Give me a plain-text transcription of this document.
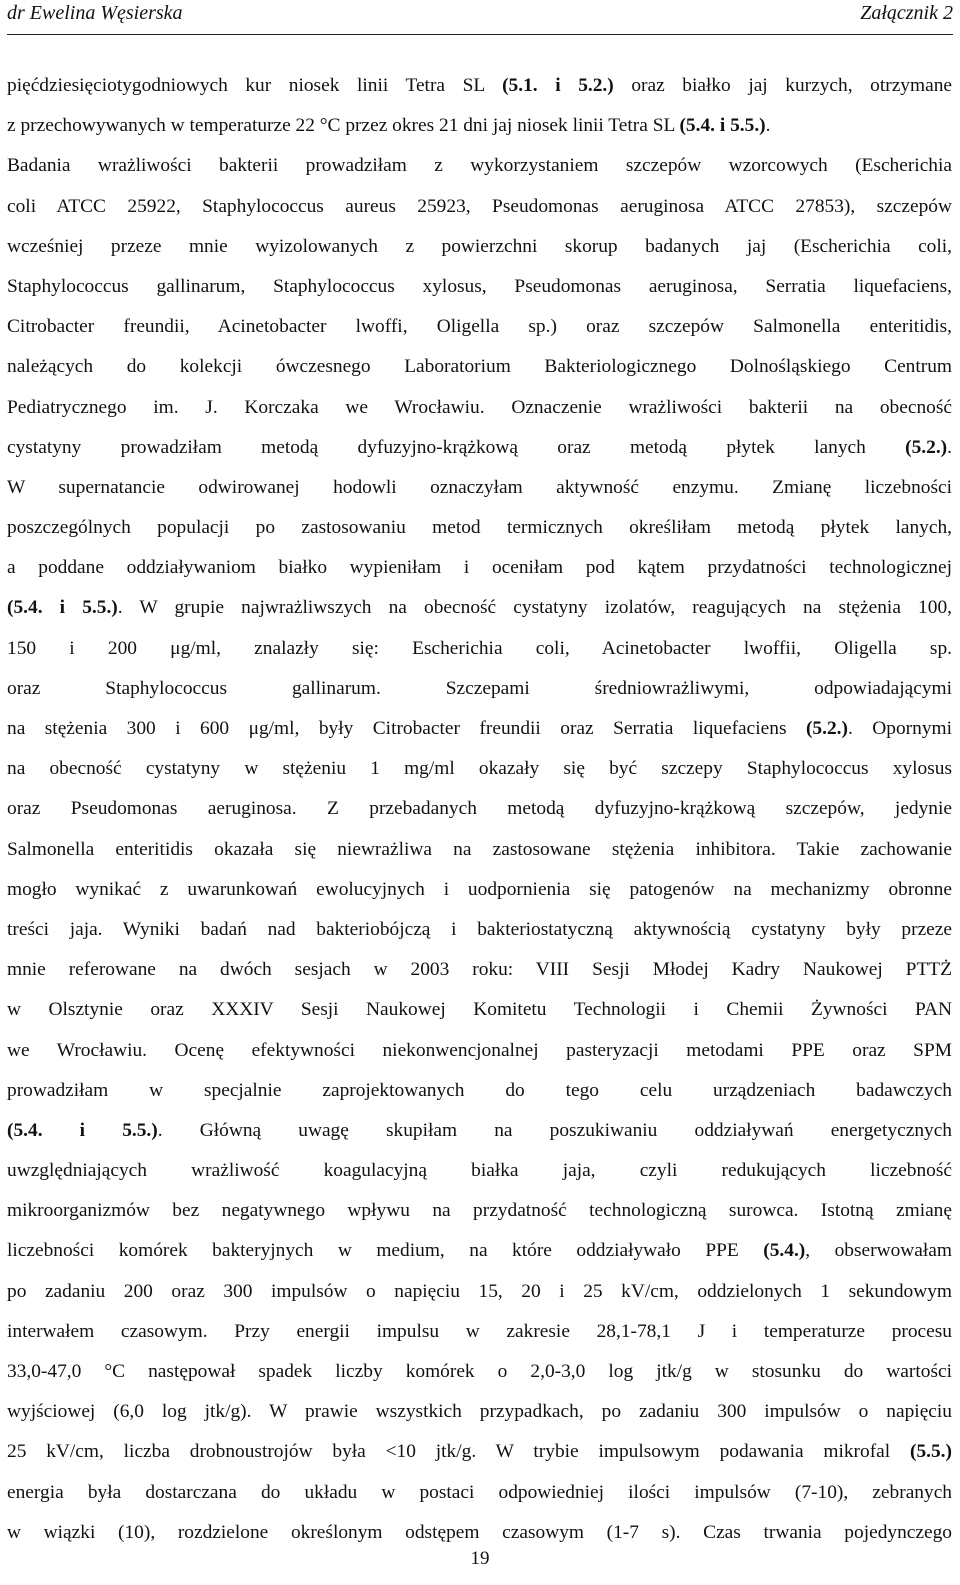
dr Ewelina Węsierska	Załącznik 2
pięćdziesięciotygodniowych kur niosek linii Tetra SL (5.1. i 5.2.) oraz białko jaj kurzych, otrzymane
z przechowywanych w temperaturze 22 °C przez okres 21 dni jaj niosek linii Tetra SL (5.4. i 5.5.).
Badania wrażliwości bakterii prowadziłam z wykorzystaniem szczepów wzorcowych (Escherichia
coli ATCC 25922, Staphylococcus aureus 25923, Pseudomonas aeruginosa ATCC 27853), szczepów
wcześniej przeze mnie wyizolowanych z powierzchni skorup badanych jaj (Escherichia coli,
Staphylococcus gallinarum, Staphylococcus xylosus, Pseudomonas aeruginosa, Serratia liquefaciens,
Citrobacter freundii, Acinetobacter lwoffi, Oligella sp.) oraz szczepów Salmonella enteritidis,
należących do kolekcji ówczesnego Laboratorium Bakteriologicznego Dolnośląskiego Centrum
Pediatrycznego im. J. Korczaka we Wrocławiu. Oznaczenie wrażliwości bakterii na obecność
cystatyny prowadziłam metodą dyfuzyjno-krążkową oraz metodą płytek lanych (5.2.).
W supernatancie odwirowanej hodowli oznaczyłam aktywność enzymu. Zmianę liczebności
poszczególnych populacji po zastosowaniu metod termicznych określiłam metodą płytek lanych,
a poddane oddziaływaniom białko wypieniłam i oceniłam pod kątem przydatności technologicznej
(5.4. i 5.5.). W grupie najwrażliwszych na obecność cystatyny izolatów, reagujących na stężenia 100,
150 i 200 μg/ml, znalazły się: Escherichia coli, Acinetobacter lwoffii, Oligella sp.
oraz Staphylococcus gallinarum. Szczepami średniowrażliwymi, odpowiadającymi
na stężenia 300 i 600 μg/ml, były Citrobacter freundii oraz Serratia liquefaciens (5.2.). Opornymi
na obecność cystatyny w stężeniu 1 mg/ml okazały się być szczepy Staphylococcus xylosus
oraz Pseudomonas aeruginosa. Z przebadanych metodą dyfuzyjno-krążkową szczepów, jedynie
Salmonella enteritidis okazała się niewrażliwa na zastosowane stężenia inhibitora. Takie zachowanie
mogło wynikać z uwarunkowań ewolucyjnych i uodpornienia się patogenów na mechanizmy obronne
treści jaja. Wyniki badań nad bakteriobójczą i bakteriostatyczną aktywnością cystatyny były przeze
mnie referowane na dwóch sesjach w 2003 roku: VIII Sesji Młodej Kadry Naukowej PTTŻ
w Olsztynie oraz XXXIV Sesji Naukowej Komitetu Technologii i Chemii Żywności PAN
we Wrocławiu. Ocenę efektywności niekonwencjonalnej pasteryzacji metodami PPE oraz SPM
prowadziłam w specjalnie zaprojektowanych do tego celu urządzeniach badawczych
(5.4. i 5.5.). Główną uwagę skupiłam na poszukiwaniu oddziaływań energetycznych
uwzględniających wrażliwość koagulacyjną białka jaja, czyli redukujących liczebność
mikroorganizmów bez negatywnego wpływu na przydatność technologiczną surowca. Istotną zmianę
liczebności komórek bakteryjnych w medium, na które oddziaływało PPE (5.4.), obserwowałam
po zadaniu 200 oraz 300 impulsów o napięciu 15, 20 i 25 kV/cm, oddzielonych 1 sekundowym
interwałem czasowym. Przy energii impulsu w zakresie 28,1-78,1 J i temperaturze procesu
33,0-47,0 °C następował spadek liczby komórek o 2,0-3,0 log jtk/g w stosunku do wartości
wyjściowej (6,0 log jtk/g). W prawie wszystkich przypadkach, po zadaniu 300 impulsów o napięciu
25 kV/cm, liczba drobnoustrojów była <10 jtk/g. W trybie impulsowym podawania mikrofal (5.5.)
energia była dostarczana do układu w postaci odpowiedniej ilości impulsów (7-10), zebranych
w wiązki (10), rozdzielone określonym odstępem czasowym (1-7 s). Czas trwania pojedynczego
19
